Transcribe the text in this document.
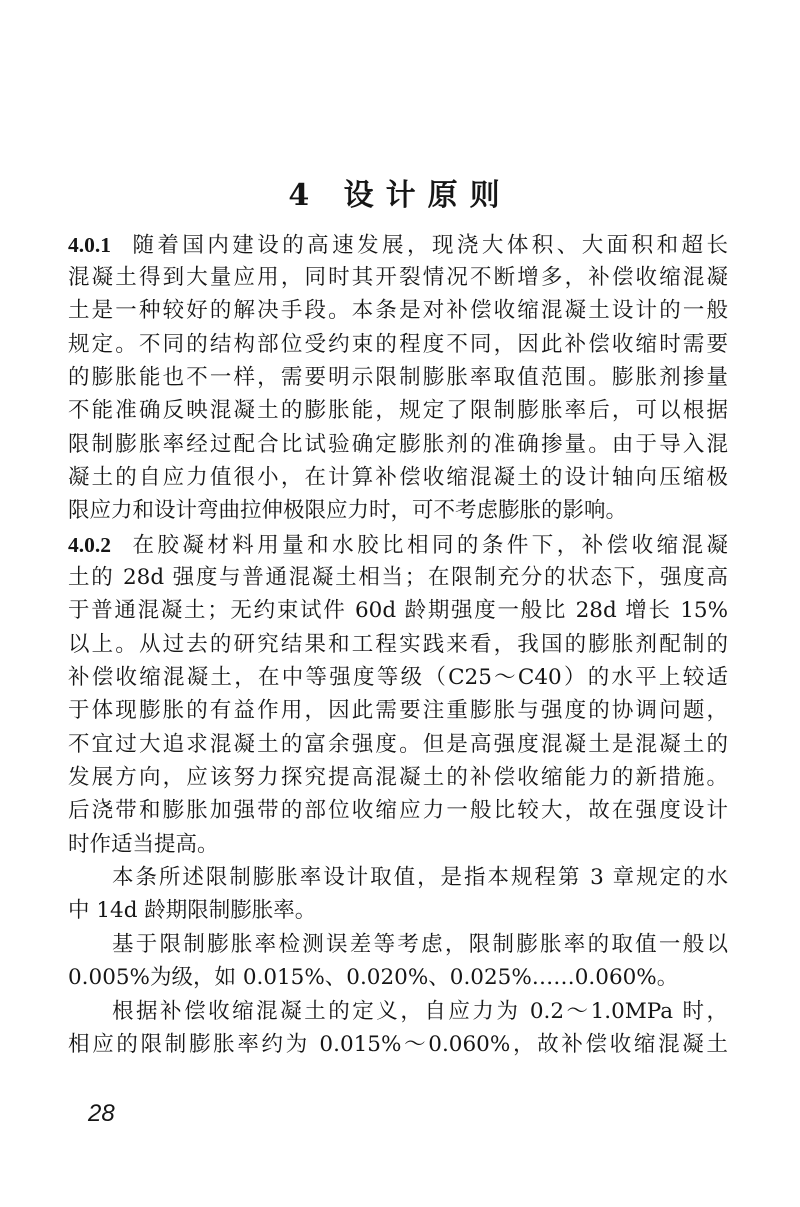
4 设计原则
4.0.1 随着国内建设的高速发展，现浇大体积、大面积和超长
混凝土得到大量应用，同时其开裂情况不断增多，补偿收缩混凝
土是一种较好的解决手段。本条是对补偿收缩混凝土设计的一般
规定。不同的结构部位受约束的程度不同，因此补偿收缩时需要
的膨胀能也不一样，需要明示限制膨胀率取值范围。膨胀剂掺量
不能准确反映混凝土的膨胀能，规定了限制膨胀率后，可以根据
限制膨胀率经过配合比试验确定膨胀剂的准确掺量。由于导入混
凝土的自应力值很小，在计算补偿收缩混凝土的设计轴向压缩极
限应力和设计弯曲拉伸极限应力时，可不考虑膨胀的影响。
4.0.2 在胶凝材料用量和水胶比相同的条件下，补偿收缩混凝
土的 28d 强度与普通混凝土相当；在限制充分的状态下，强度高
于普通混凝土；无约束试件 60d 龄期强度一般比 28d 增长 15%
以上。从过去的研究结果和工程实践来看，我国的膨胀剂配制的
补偿收缩混凝土，在中等强度等级（C25～C40）的水平上较适
于体现膨胀的有益作用，因此需要注重膨胀与强度的协调问题，
不宜过大追求混凝土的富余强度。但是高强度混凝土是混凝土的
发展方向，应该努力探究提高混凝土的补偿收缩能力的新措施。
后浇带和膨胀加强带的部位收缩应力一般比较大，故在强度设计
时作适当提高。
本条所述限制膨胀率设计取值，是指本规程第 3 章规定的水
中 14d 龄期限制膨胀率。
基于限制膨胀率检测误差等考虑，限制膨胀率的取值一般以
0.005%为级，如 0.015%、0.020%、0.025%……0.060%。
根据补偿收缩混凝土的定义，自应力为 0.2～1.0MPa 时，
相应的限制膨胀率约为 0.015%～0.060%，故补偿收缩混凝土
28
